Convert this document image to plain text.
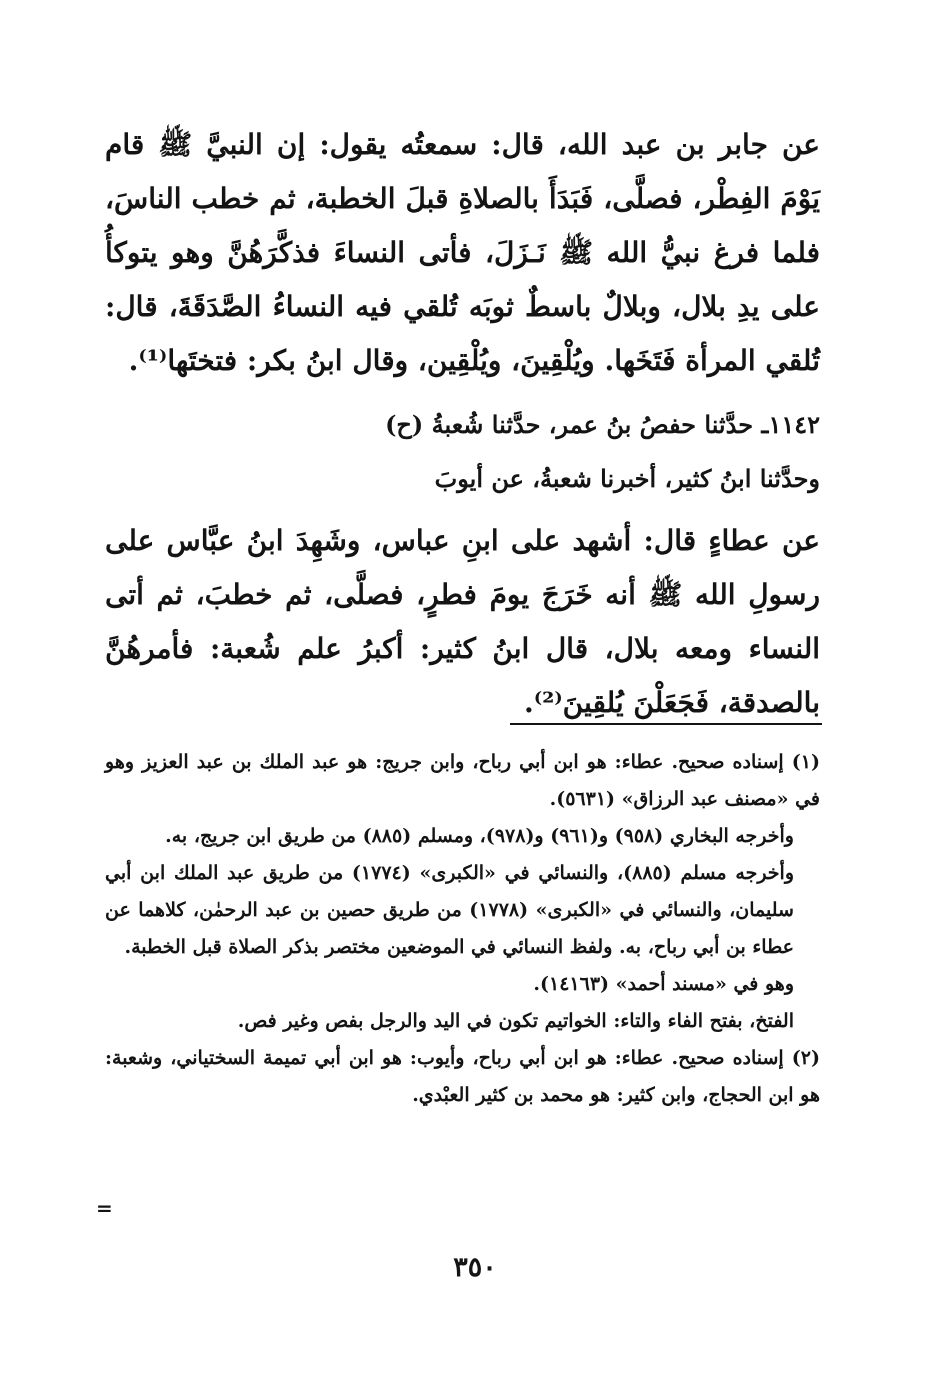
عن جابر بن عبد الله، قال: سمعتُه يقول: إن النبيَّ ﷺ قام يَوْمَ الفِطْر، فصلَّى، فَبَدَأَ بالصلاةِ قبلَ الخطبة، ثم خطب الناسَ، فلما فرغ نبيُّ الله ﷺ نَـزَلَ، فأتى النساءَ فذكَّرَهُنَّ وهو يتوكأُ على يدِ بلال، وبلالٌ باسطٌ ثوبَه تُلقي فيه النساءُ الصَّدَقَةَ، قال: تُلقي المرأة فَتَخَها. ويُلْقِينَ، ويُلْقِين، وقال ابنُ بكر: فتختَها⁽¹⁾.

١١٤٢ـ حدَّثنا حفصُ بنُ عمر، حدَّثنا شُعبةُ (ح)

وحدَّثنا ابنُ كثير، أخبرنا شعبةُ، عن أيوبَ

عن عطاءٍ قال: أشهد على ابنِ عباس، وشَهِدَ ابنُ عبَّاس على رسولِ الله ﷺ أنه خَرَجَ يومَ فطرٍ، فصلَّى، ثم خطبَ، ثم أتى النساء ومعه بلال، قال ابنُ كثير: أكبرُ علم شُعبة: فأمرهُنَّ بالصدقة، فَجَعَلْنَ يُلقِينَ⁽²⁾.

(١) إسناده صحيح. عطاء: هو ابن أبي رباح، وابن جريج: هو عبد الملك بن عبد العزيز وهو في «مصنف عبد الرزاق» (٥٦٣١).

وأخرجه البخاري (٩٥٨) و(٩٦١) و(٩٧٨)، ومسلم (٨٨٥) من طريق ابن جريج، به.

وأخرجه مسلم (٨٨٥)، والنسائي في «الكبرى» (١٧٧٤) من طريق عبد الملك ابن أبي سليمان، والنسائي في «الكبرى» (١٧٧٨) من طريق حصين بن عبد الرحمٰن، كلاهما عن عطاء بن أبي رباح، به. ولفظ النسائي في الموضعين مختصر بذكر الصلاة قبل الخطبة.

وهو في «مسند أحمد» (١٤١٦٣).

الفتخ، بفتح الفاء والتاء: الخواتيم تكون في اليد والرجل بفص وغير فص.

(٢) إسناده صحيح. عطاء: هو ابن أبي رباح، وأيوب: هو ابن أبي تميمة السختياني، وشعبة: هو ابن الحجاج، وابن كثير: هو محمد بن كثير العبْدي.

=
٣٥٠
